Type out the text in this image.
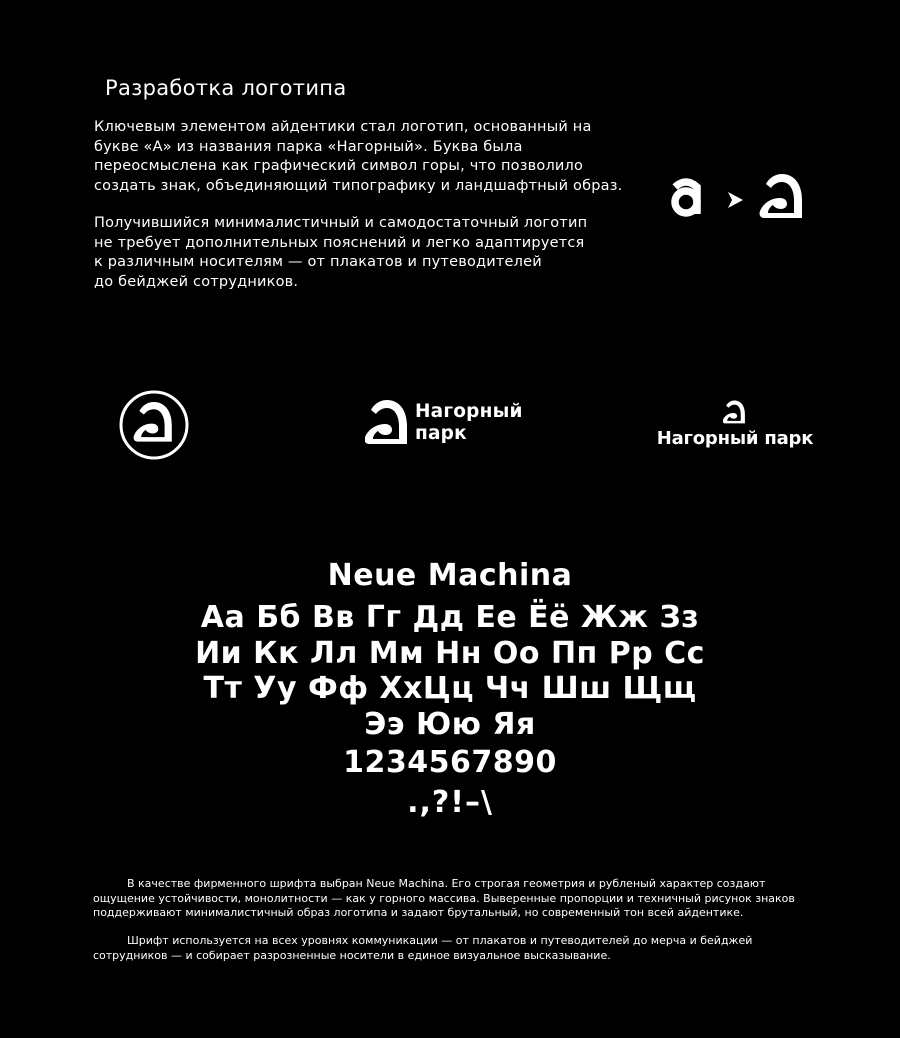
Разработка логотипа
Ключевым элементом айдентики стал логотип, основанный на
букве «А» из названия парка «Нагорный». Буква была
переосмыслена как графический символ горы, что позволило
создать знак, объединяющий типографику и ландшафтный образ.
Получившийся минималистичный и самодостаточный логотип
не требует дополнительных пояснений и легко адаптируется
к различным носителям — от плакатов и путеводителей
до бейджей сотрудников.
Нагорный
парк	Нагорный парк
Neue Machina
Аа Бб Вв Гг Дд Ее Ёё Жж Зз
Ии Кк Лл Мм Нн Оо Пп Рр Сс
Тт Уу Фф ХхЦц Чч Шш Щщ
Ээ Юю Яя
1234567890
.,?!–\
В качестве фирменного шрифта выбран Neue Machina. Его строгая геометрия и рубленый характер создают
ощущение устойчивости, монолитности — как у горного массива. Выверенные пропорции и техничный рисунок знаков
поддерживают минималистичный образ логотипа и задают брутальный, но современный тон всей айдентике.
Шрифт используется на всех уровнях коммуникации — от плакатов и путеводителей до мерча и бейджей
сотрудников — и собирает разрозненные носители в единое визуальное высказывание.
